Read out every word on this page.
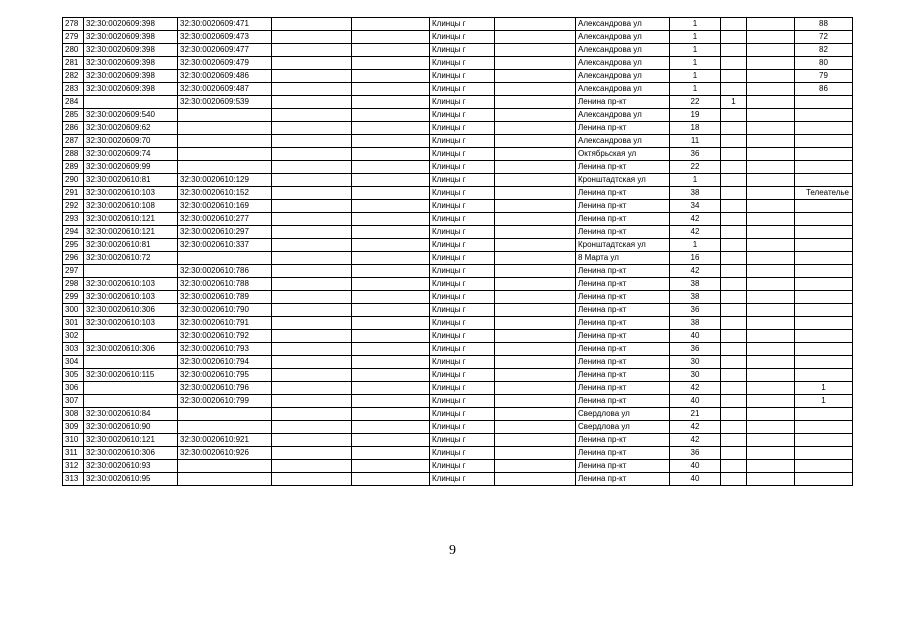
278	32:30:0020609:398	32:30:0020609:471			Клинцы г		Александрова ул	1			88
279	32:30:0020609:398	32:30:0020609:473			Клинцы г		Александрова ул	1			72
280	32:30:0020609:398	32:30:0020609:477			Клинцы г		Александрова ул	1			82
281	32:30:0020609:398	32:30:0020609:479			Клинцы г		Александрова ул	1			80
282	32:30:0020609:398	32:30:0020609:486			Клинцы г		Александрова ул	1			79
283	32:30:0020609:398	32:30:0020609:487			Клинцы г		Александрова ул	1			86
284		32:30:0020609:539			Клинцы г		Ленина пр-кт	22	1		
285	32:30:0020609:540				Клинцы г		Александрова ул	19			
286	32:30:0020609:62				Клинцы г		Ленина пр-кт	18			
287	32:30:0020609:70				Клинцы г		Александрова ул	11			
288	32:30:0020609:74				Клинцы г		Октябрьская ул	36			
289	32:30:0020609:99				Клинцы г		Ленина пр-кт	22			
290	32:30:0020610:81	32:30:0020610:129			Клинцы г		Кронштадтская ул	1			
291	32:30:0020610:103	32:30:0020610:152			Клинцы г		Ленина пр-кт	38			Телеателье
292	32:30:0020610:108	32:30:0020610:169			Клинцы г		Ленина пр-кт	34			
293	32:30:0020610:121	32:30:0020610:277			Клинцы г		Ленина пр-кт	42			
294	32:30:0020610:121	32:30:0020610:297			Клинцы г		Ленина пр-кт	42			
295	32:30:0020610:81	32:30:0020610:337			Клинцы г		Кронштадтская ул	1			
296	32:30:0020610:72				Клинцы г		8 Марта ул	16			
297		32:30:0020610:786			Клинцы г		Ленина пр-кт	42			
298	32:30:0020610:103	32:30:0020610:788			Клинцы г		Ленина пр-кт	38			
299	32:30:0020610:103	32:30:0020610:789			Клинцы г		Ленина пр-кт	38			
300	32:30:0020610:306	32:30:0020610:790			Клинцы г		Ленина пр-кт	36			
301	32:30:0020610:103	32:30:0020610:791			Клинцы г		Ленина пр-кт	38			
302		32:30:0020610:792			Клинцы г		Ленина пр-кт	40			
303	32:30:0020610:306	32:30:0020610:793			Клинцы г		Ленина пр-кт	36			
304		32:30:0020610:794			Клинцы г		Ленина пр-кт	30			
305	32:30:0020610:115	32:30:0020610:795			Клинцы г		Ленина пр-кт	30			
306		32:30:0020610:796			Клинцы г		Ленина пр-кт	42			1
307		32:30:0020610:799			Клинцы г		Ленина пр-кт	40			1
308	32:30:0020610:84				Клинцы г		Свердлова ул	21			
309	32:30:0020610:90				Клинцы г		Свердлова ул	42			
310	32:30:0020610:121	32:30:0020610:921			Клинцы г		Ленина пр-кт	42			
311	32:30:0020610:306	32:30:0020610:926			Клинцы г		Ленина пр-кт	36			
312	32:30:0020610:93				Клинцы г		Ленина пр-кт	40			
313	32:30:0020610:95				Клинцы г		Ленина пр-кт	40			
9
